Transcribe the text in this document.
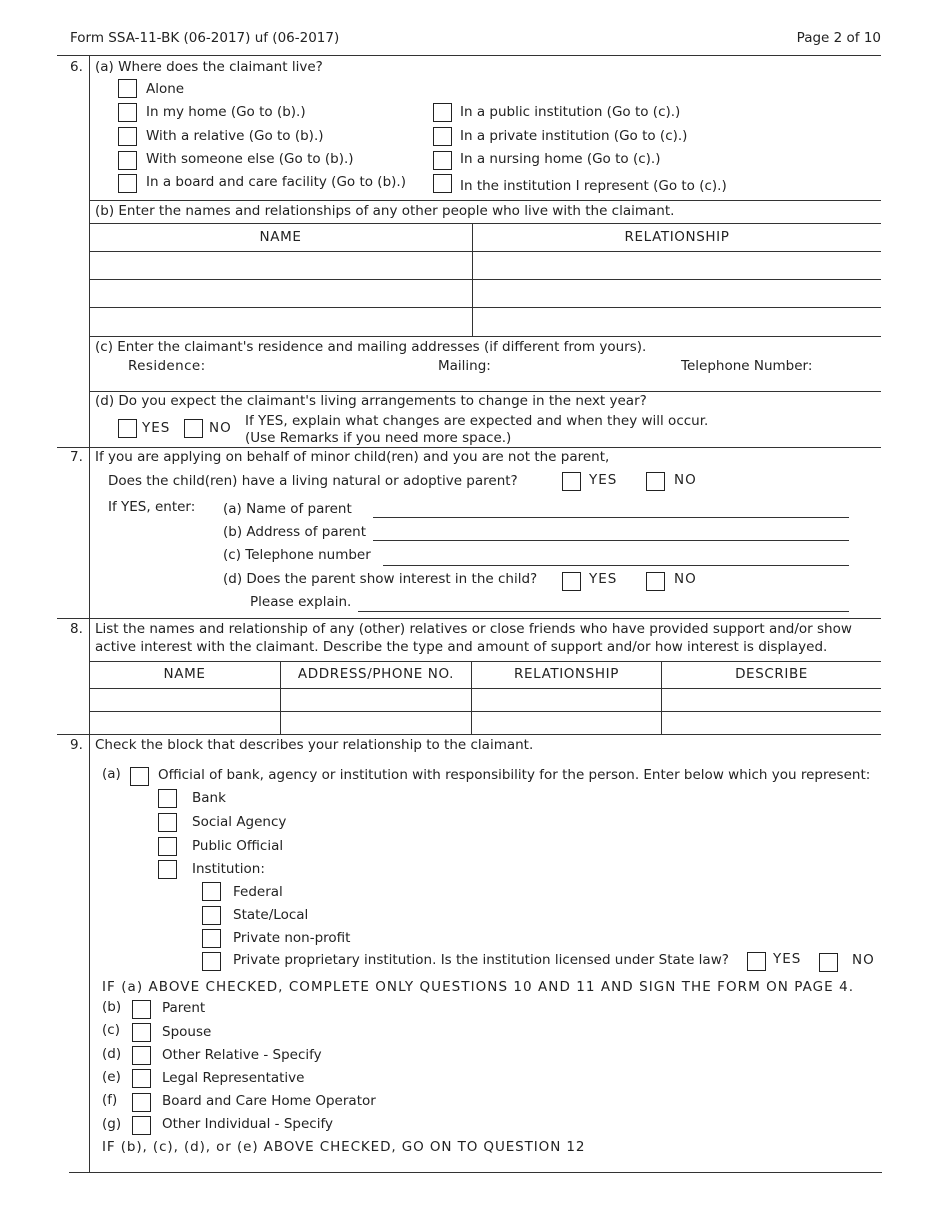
Form SSA-11-BK (06-2017) uf (06-2017)	Page 2 of 10
6. (a) Where does the claimant live?
Alone
In my home (Go to (b).)
With a relative (Go to (b).)
With someone else (Go to (b).)
In a board and care facility (Go to (b).)
In a public institution (Go to (c).)
In a private institution (Go to (c).)
In a nursing home (Go to (c).)
In the institution I represent (Go to (c).)
(b) Enter the names and relationships of any other people who live with the claimant.
NAME	RELATIONSHIP
(c) Enter the claimant's residence and mailing addresses (if different from yours).
Residence:	Mailing:	Telephone Number:
(d) Do you expect the claimant's living arrangements to change in the next year?
YES	NO If YES, explain what changes are expected and when they will occur.
(Use Remarks if you need more space.)
7. If you are applying on behalf of minor child(ren) and you are not the parent,
Does the child(ren) have a living natural or adoptive parent?	YES	NO
If YES, enter: (a) Name of parent
(b) Address of parent
(c) Telephone number
(d) Does the parent show interest in the child?	YES	NO
Please explain.
8. List the names and relationship of any (other) relatives or close friends who have provided support and/or show
active interest with the claimant. Describe the type and amount of support and/or how interest is displayed.
NAME	ADDRESS/PHONE NO.	RELATIONSHIP	DESCRIBE
9. Check the block that describes your relationship to the claimant.
(a)	Official of bank, agency or institution with responsibility for the person. Enter below which you represent:
Bank
Social Agency
Public Official
Institution:
Federal
State/Local
Private non-profit
Private proprietary institution. Is the institution licensed under State law?	YES	NO
IF (a) ABOVE CHECKED, COMPLETE ONLY QUESTIONS 10 AND 11 AND SIGN THE FORM ON PAGE 4.
(b)	Parent
(c)	Spouse
(d)	Other Relative - Specify
(e)	Legal Representative
(f)	Board and Care Home Operator
(g)	Other Individual - Specify
IF (b), (c), (d), or (e) ABOVE CHECKED, GO ON TO QUESTION 12
